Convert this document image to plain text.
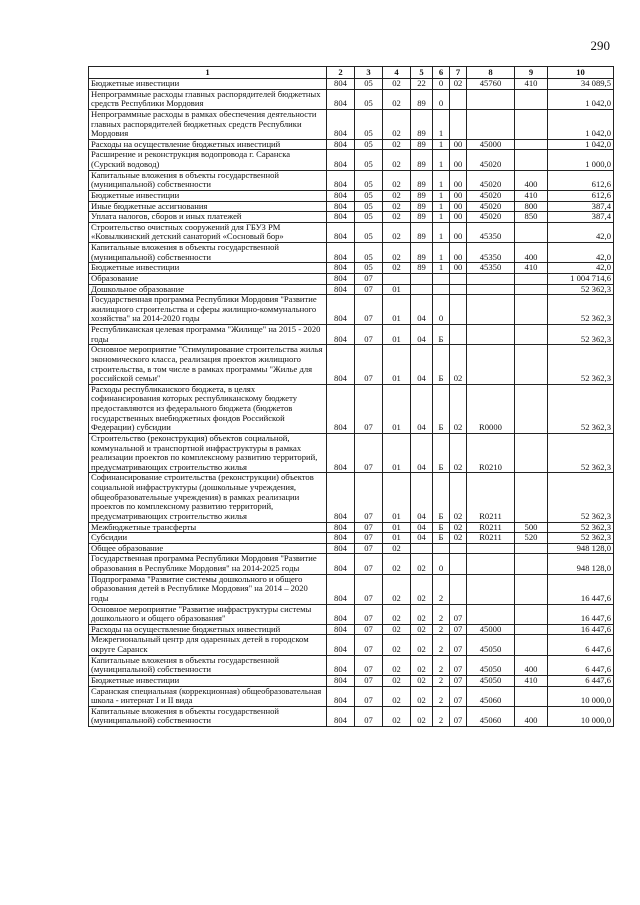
290
1	2	3	4	5	6	7	8	9	10
Бюджетные инвестиции	804	05	02	22	0	02	45760	410	34 089,5
Непрограммные расходы главных распорядителей бюджетных средств Республики Мордовия	804	05	02	89	0				1 042,0
Непрограммные расходы в рамках обеспечения деятельности главных распорядителей бюджетных средств Республики Мордовия	804	05	02	89	1				1 042,0
Расходы на осуществление бюджетных инвестиций	804	05	02	89	1	00	45000		1 042,0
Расширение и реконструкция водопровода г. Саранска (Сурский водовод)	804	05	02	89	1	00	45020		1 000,0
Капитальные вложения в объекты государственной (муниципальной) собственности	804	05	02	89	1	00	45020	400	612,6
Бюджетные инвестиции	804	05	02	89	1	00	45020	410	612,6
Иные бюджетные ассигнования	804	05	02	89	1	00	45020	800	387,4
Уплата налогов, сборов и иных платежей	804	05	02	89	1	00	45020	850	387,4
Строительство очистных сооружений для ГБУЗ РМ «Ковылкинский детский санаторий «Сосновый бор»	804	05	02	89	1	00	45350		42,0
Капитальные вложения в объекты государственной (муниципальной) собственности	804	05	02	89	1	00	45350	400	42,0
Бюджетные инвестиции	804	05	02	89	1	00	45350	410	42,0
Образование	804	07							1 004 714,6
Дошкольное образование	804	07	01						52 362,3
Государственная программа Республики Мордовия "Развитие жилищного строительства и сферы жилищно-коммунального хозяйства" на 2014-2020 годы	804	07	01	04	0				52 362,3
Республиканская целевая программа "Жилище" на 2015 - 2020 годы	804	07	01	04	Б				52 362,3
Основное мероприятие "Стимулирование строительства жилья экономического класса, реализация проектов жилищного строительства, в том числе в рамках программы "Жилье для российской семьи"	804	07	01	04	Б	02			52 362,3
Расходы республиканского бюджета, в целях софинансирования которых республиканскому бюджету предоставляются из федерального бюджета (бюджетов государственных внебюджетных фондов Российской Федерации) субсидии	804	07	01	04	Б	02	R0000		52 362,3
Строительство (реконструкция) объектов социальной, коммунальной и транспортной инфраструктуры в рамках реализации проектов по комплексному развитию территорий, предусматривающих строительство жилья	804	07	01	04	Б	02	R0210		52 362,3
Софинансирование строительства (реконструкции) объектов социальной инфраструктуры (дошкольные учреждения, общеобразовательные учреждения) в рамках реализации проектов по комплексному развитию территорий, предусматривающих строительство жилья	804	07	01	04	Б	02	R0211		52 362,3
Межбюджетные трансферты	804	07	01	04	Б	02	R0211	500	52 362,3
Субсидии	804	07	01	04	Б	02	R0211	520	52 362,3
Общее образование	804	07	02						948 128,0
Государственная программа Республики Мордовия "Развитие образования в Республике Мордовия" на 2014-2025 годы	804	07	02	02	0				948 128,0
Подпрограмма "Развитие системы дошкольного и общего образования детей в Республике Мордовия" на 2014 – 2020 годы	804	07	02	02	2				16 447,6
Основное мероприятие "Развитие инфраструктуры системы дошкольного и общего образования"	804	07	02	02	2	07			16 447,6
Расходы на осуществление бюджетных инвестиций	804	07	02	02	2	07	45000		16 447,6
Межрегиональный центр для одаренных детей в городском округе Саранск	804	07	02	02	2	07	45050		6 447,6
Капитальные вложения в объекты государственной (муниципальной) собственности	804	07	02	02	2	07	45050	400	6 447,6
Бюджетные инвестиции	804	07	02	02	2	07	45050	410	6 447,6
Саранская специальная (коррекционная) общеобразовательная школа - интернат I и II вида	804	07	02	02	2	07	45060		10 000,0
Капитальные вложения в объекты государственной (муниципальной) собственности	804	07	02	02	2	07	45060	400	10 000,0
